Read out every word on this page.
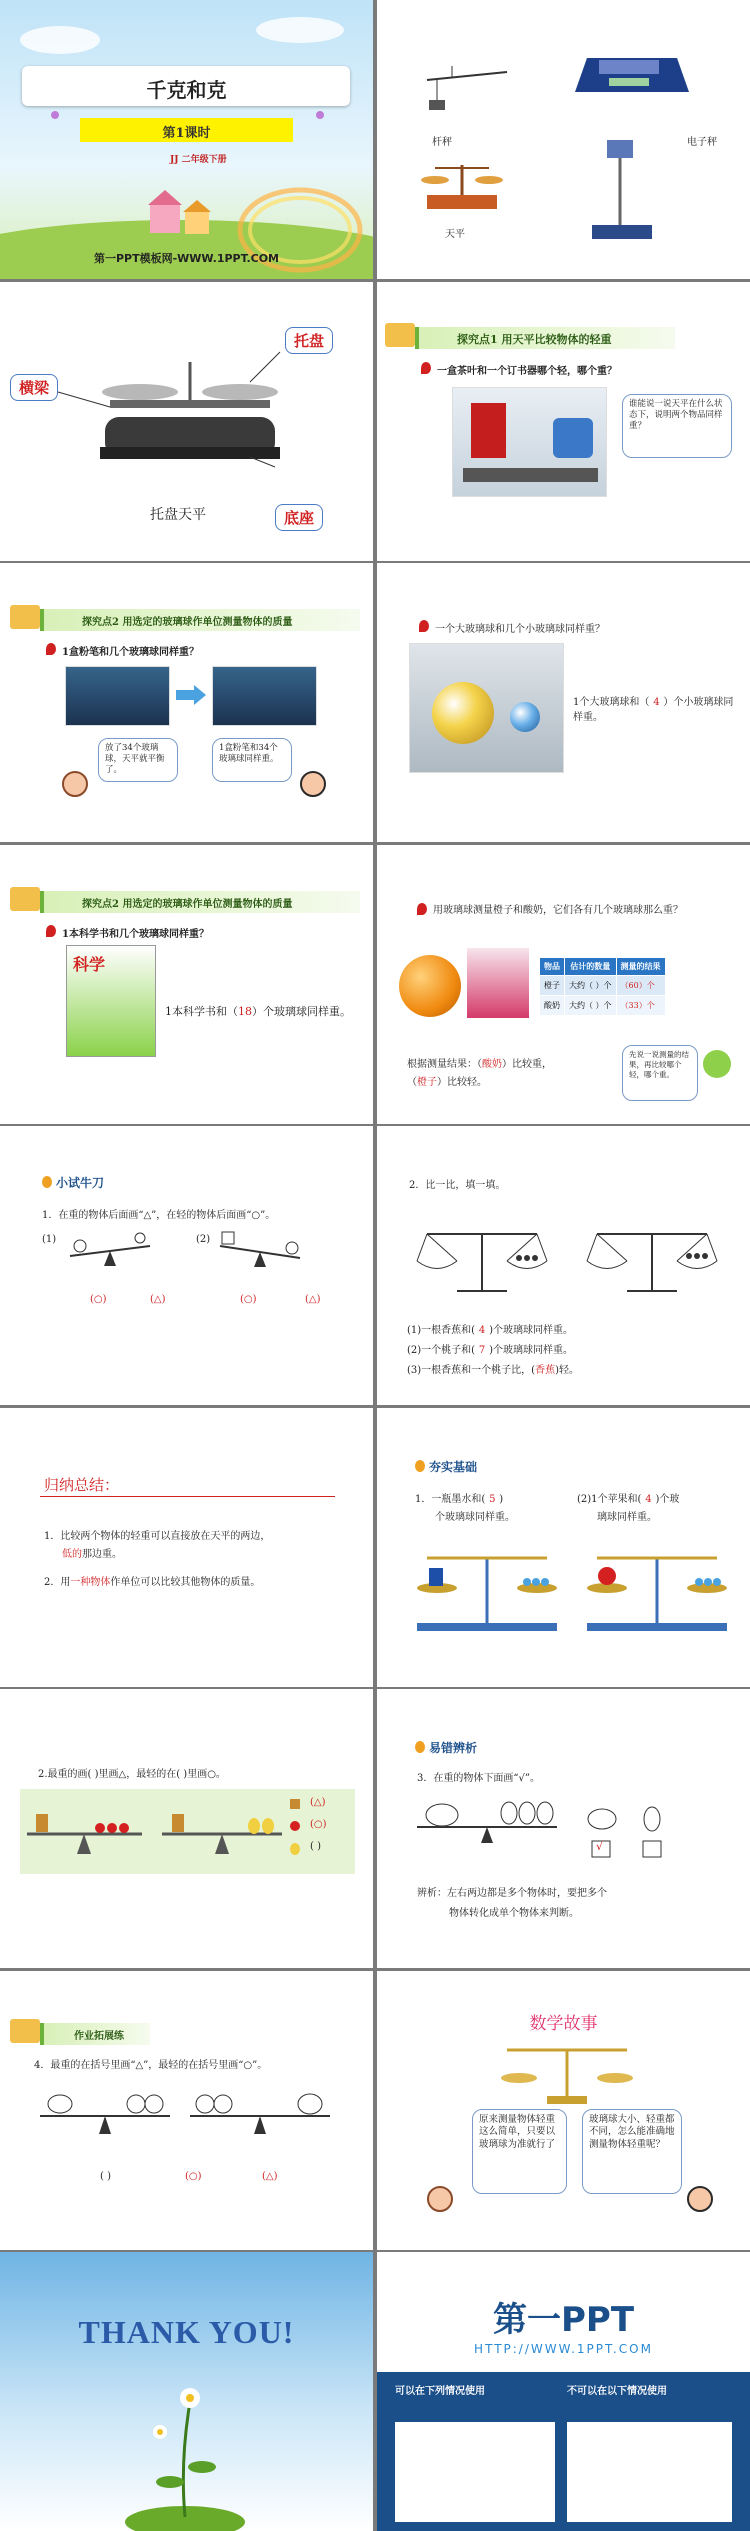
千克和克
第1课时
JJ 二年级下册
第一PPT模板网-WWW.1PPT.COM
杆秤	电子秤
天平
托盘
横梁
底座
托盘天平
探究点1 用天平比较物体的轻重
一盒茶叶和一个订书器哪个轻，哪个重？
谁能说一说天平在什么状态下，说明两个物品同样重？
探究点2 用选定的玻璃球作单位测量物体的质量
1盒粉笔和几个玻璃球同样重？
放了34个玻璃球，天平就平衡了。
1盒粉笔和34个玻璃球同样重。
一个大玻璃球和几个小玻璃球同样重？
1个大玻璃球和（ 4 ）个小玻璃球同样重。
探究点2 用选定的玻璃球作单位测量物体的质量
1本科学书和几个玻璃球同样重？
科学
1本科学书和（18）个玻璃球同样重。
用玻璃球测量橙子和酸奶，它们各有几个玻璃球那么重？
物品	估计的数量	测量的结果
橙子	大约（ ）个	（60）个
酸奶	大约（ ）个	（33）个
根据测量结果：（酸奶）比较重，
（橙子）比较轻。
先说一说测量的结果，再比较哪个轻，哪个重。
小试牛刀
1．在重的物体后面画“△”，在轻的物体后面画“○”。
(1)	(2)
(○)	(△)	(○)	(△)
2．比一比，填一填。
(1)一根香蕉和( 4 )个玻璃球同样重。
(2)一个桃子和( 7 )个玻璃球同样重。
(3)一根香蕉和一个桃子比，(香蕉)轻。
归纳总结：
1．比较两个物体的轻重可以直接放在天平的两边，
低的那边重。
2．用一种物体作单位可以比较其他物体的质量。
夯实基础
1．一瓶墨水和( 5 )
个玻璃球同样重。
(2)1个苹果和( 4 )个玻
璃球同样重。
2.最重的画( )里画△，最轻的在( )里画○。
(△)
(○)
( )
易错辨析
3．在重的物体下面画“√”。
√
辨析：左右两边都是多个物体时，要把多个
物体转化成单个物体来判断。
作业拓展练
4．最重的在括号里画“△”，最轻的在括号里画“○”。
( )	(○)	(△)
数学故事
原来测量物体轻重这么简单，只要以玻璃球为准就行了
玻璃球大小、轻重都不同，怎么能准确地测量物体轻重呢？
THANK YOU!	第一PPT
HTTP://WWW.1PPT.COM
可以在下列情况使用	不可以在以下情况使用
